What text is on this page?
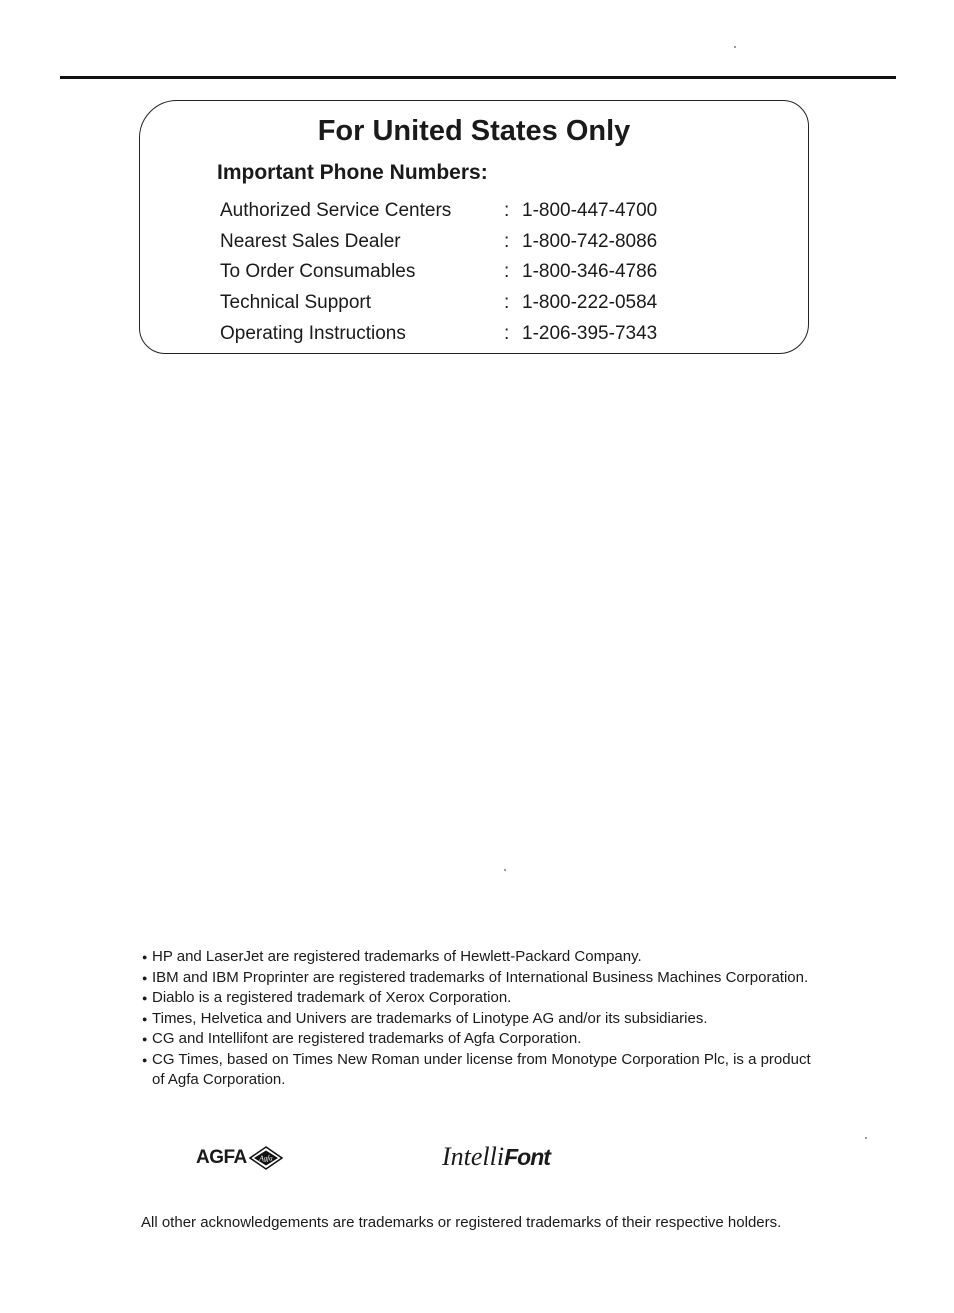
For United States Only
Important Phone Numbers:
Authorized Service Centers	:	1-800-447-4700
Nearest Sales Dealer	:	1-800-742-8086
To Order Consumables	:	1-800-346-4786
Technical Support	:	1-800-222-0584
Operating Instructions	:	1-206-395-7343
● HP and LaserJet are registered trademarks of Hewlett-Packard Company.
● IBM and IBM Proprinter are registered trademarks of International Business Machines Corporation.
● Diablo is a registered trademark of Xerox Corporation.
● Times, Helvetica and Univers are trademarks of Linotype AG and/or its subsidiaries.
● CG and Intellifont are registered trademarks of Agfa Corporation.
● CG Times, based on Times New Roman under license from Monotype Corporation Plc, is a product of Agfa Corporation.
AGFA Agfa	IntelliFont

All other acknowledgements are trademarks or registered trademarks of their respective holders.
